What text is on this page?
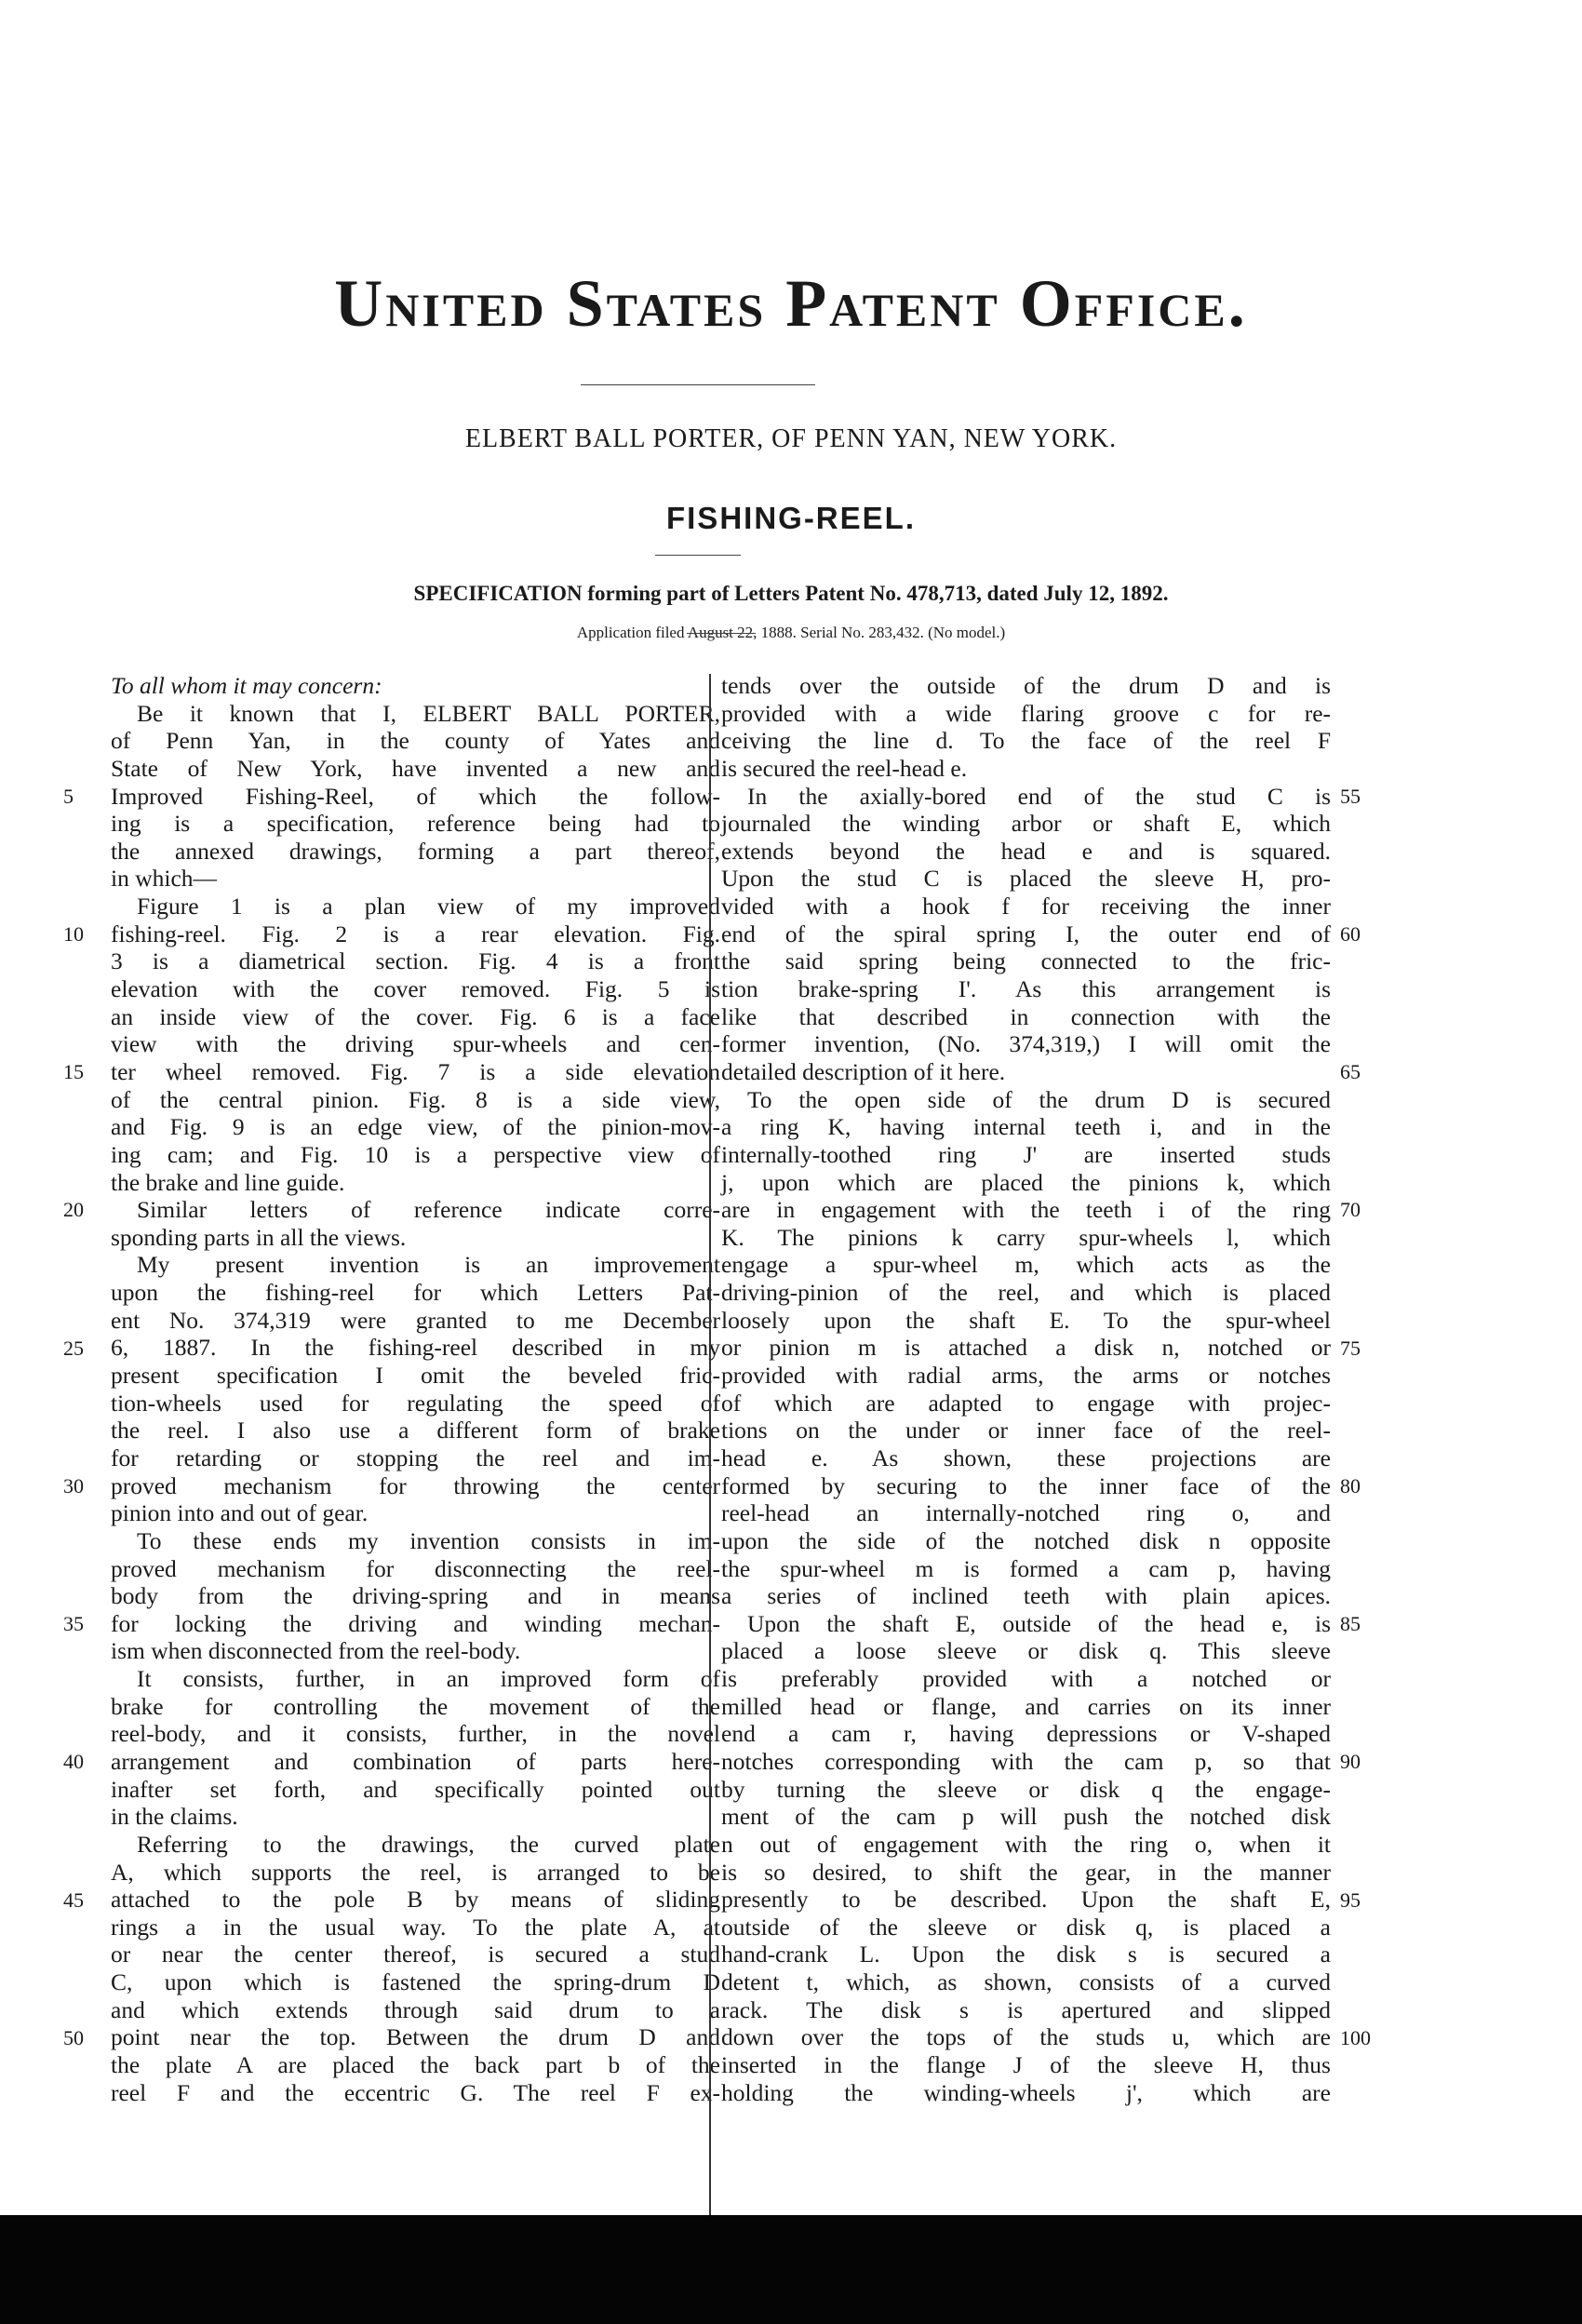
United States Patent Office.
ELBERT BALL PORTER, OF PENN YAN, NEW YORK.
FISHING-REEL.
SPECIFICATION forming part of Letters Patent No. 478,713, dated July 12, 1892.
Application filed August 22, 1888. Serial No. 283,432. (No model.)
5
10
15
20
25
30
35
40
45
50
To all whom it may concern:
Be it known that I, ELBERT BALL PORTER,
of Penn Yan, in the county of Yates and
State of New York, have invented a new and
Improved Fishing-Reel, of which the follow-
ing is a specification, reference being had to
the annexed drawings, forming a part thereof,
in which—
Figure 1 is a plan view of my improved
fishing-reel. Fig. 2 is a rear elevation. Fig.
3 is a diametrical section. Fig. 4 is a front
elevation with the cover removed. Fig. 5 is
an inside view of the cover. Fig. 6 is a face
view with the driving spur-wheels and cen-
ter wheel removed. Fig. 7 is a side elevation
of the central pinion. Fig. 8 is a side view,
and Fig. 9 is an edge view, of the pinion-mov-
ing cam; and Fig. 10 is a perspective view of
the brake and line guide.
Similar letters of reference indicate corre-
sponding parts in all the views.
My present invention is an improvement
upon the fishing-reel for which Letters Pat-
ent No. 374,319 were granted to me December
6, 1887. In the fishing-reel described in my
present specification I omit the beveled fric-
tion-wheels used for regulating the speed of
the reel. I also use a different form of brake
for retarding or stopping the reel and im-
proved mechanism for throwing the center
pinion into and out of gear.
To these ends my invention consists in im-
proved mechanism for disconnecting the reel-
body from the driving-spring and in means
for locking the driving and winding mechan-
ism when disconnected from the reel-body.
It consists, further, in an improved form of
brake for controlling the movement of the
reel-body, and it consists, further, in the novel
arrangement and combination of parts here-
inafter set forth, and specifically pointed out
in the claims.
Referring to the drawings, the curved plate
A, which supports the reel, is arranged to be
attached to the pole B by means of sliding
rings a in the usual way. To the plate A, at
or near the center thereof, is secured a stud
C, upon which is fastened the spring-drum D
and which extends through said drum to a
point near the top. Between the drum D and
the plate A are placed the back part b of the
reel F and the eccentric G. The reel F ex-
tends over the outside of the drum D and is
provided with a wide flaring groove c for re-
ceiving the line d. To the face of the reel F
is secured the reel-head e.
In the axially-bored end of the stud C is
journaled the winding arbor or shaft E, which
extends beyond the head e and is squared.
Upon the stud C is placed the sleeve H, pro-
vided with a hook f for receiving the inner
end of the spiral spring I, the outer end of
the said spring being connected to the fric-
tion brake-spring I'. As this arrangement is
like that described in connection with the
former invention, (No. 374,319,) I will omit the
detailed description of it here.
To the open side of the drum D is secured
a ring K, having internal teeth i, and in the
internally-toothed ring J' are inserted studs
j, upon which are placed the pinions k, which
are in engagement with the teeth i of the ring
K. The pinions k carry spur-wheels l, which
engage a spur-wheel m, which acts as the
driving-pinion of the reel, and which is placed
loosely upon the shaft E. To the spur-wheel
or pinion m is attached a disk n, notched or
provided with radial arms, the arms or notches
of which are adapted to engage with projec-
tions on the under or inner face of the reel-
head e. As shown, these projections are
formed by securing to the inner face of the
reel-head an internally-notched ring o, and
upon the side of the notched disk n opposite
the spur-wheel m is formed a cam p, having
a series of inclined teeth with plain apices.
Upon the shaft E, outside of the head e, is
placed a loose sleeve or disk q. This sleeve
is preferably provided with a notched or
milled head or flange, and carries on its inner
end a cam r, having depressions or V-shaped
notches corresponding with the cam p, so that
by turning the sleeve or disk q the engage-
ment of the cam p will push the notched disk
n out of engagement with the ring o, when it
is so desired, to shift the gear, in the manner
presently to be described. Upon the shaft E,
outside of the sleeve or disk q, is placed a
hand-crank L. Upon the disk s is secured a
detent t, which, as shown, consists of a curved
rack. The disk s is apertured and slipped
down over the tops of the studs u, which are
inserted in the flange J of the sleeve H, thus
holding the winding-wheels j', which are
55
60
65
70
75
80
85
90
95
100
